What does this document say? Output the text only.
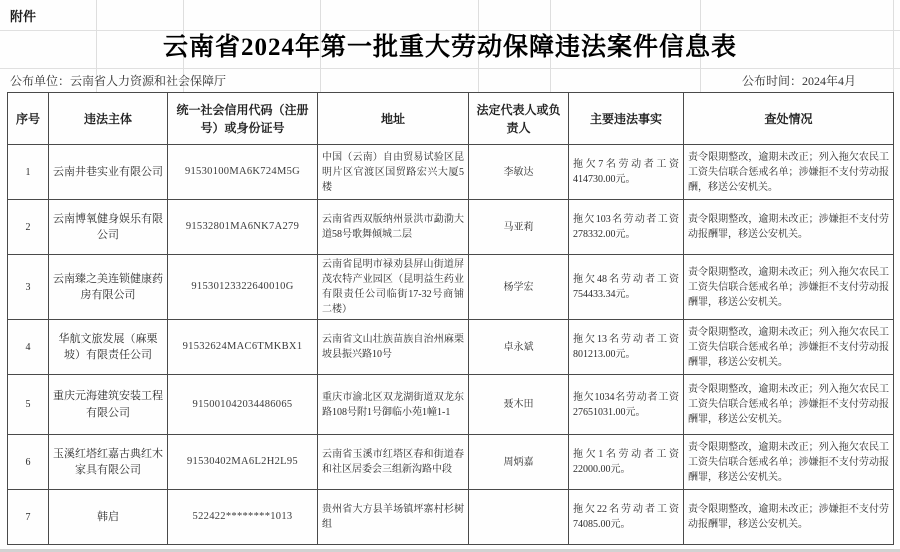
附件
云南省2024年第一批重大劳动保障违法案件信息表
公布单位：云南省人力资源和社会保障厅	公布时间：2024年4月
序号	违法主体	统一社会信用代码（注册号）或身份证号	地址	法定代表人或负责人	主要违法事实	查处情况
1	云南井巷实业有限公司	91530100MA6K724M5G	中国（云南）自由贸易试验区昆明片区官渡区国贸路宏兴大厦5楼	李敏达	拖欠7名劳动者工资414730.00元。	责令限期整改，逾期未改正；列入拖欠农民工工资失信联合惩戒名单；涉嫌拒不支付劳动报酬，移送公安机关。
2	云南博氧健身娱乐有限公司	91532801MA6NK7A279	云南省西双版纳州景洪市勐泐大道58号歌舞倾城二层	马亚莉	拖欠103名劳动者工资278332.00元。	责令限期整改，逾期未改正；涉嫌拒不支付劳动报酬罪，移送公安机关。
3	云南臻之美连锁健康药房有限公司	91530123322640010G	云南省昆明市禄劝县屏山街道屏茂农特产业园区（昆明益生药业有限责任公司临街17-32号商铺二楼）	杨学宏	拖欠48名劳动者工资754433.34元。	责令限期整改，逾期未改正；列入拖欠农民工工资失信联合惩戒名单；涉嫌拒不支付劳动报酬罪，移送公安机关。
4	华航文旅发展（麻栗坡）有限责任公司	91532624MAC6TMKBX1	云南省文山壮族苗族自治州麻栗坡县振兴路10号	卓永斌	拖欠13名劳动者工资801213.00元。	责令限期整改，逾期未改正；列入拖欠农民工工资失信联合惩戒名单；涉嫌拒不支付劳动报酬罪，移送公安机关。
5	重庆元海建筑安装工程有限公司	915001042034486065	重庆市渝北区双龙湖街道双龙东路108号附1号御临小苑1幢1-1	聂木田	拖欠1034名劳动者工资27651031.00元。	责令限期整改，逾期未改正；列入拖欠农民工工资失信联合惩戒名单；涉嫌拒不支付劳动报酬罪，移送公安机关。
6	玉溪红塔红嘉古典红木家具有限公司	91530402MA6L2H2L95	云南省玉溪市红塔区春和街道春和社区居委会三组新沟路中段	周炳嘉	拖欠1名劳动者工资22000.00元。	责令限期整改，逾期未改正；列入拖欠农民工工资失信联合惩戒名单；涉嫌拒不支付劳动报酬罪，移送公安机关。
7	韩启	522422********1013	贵州省大方县羊场镇坪寨村杉树组		拖欠22名劳动者工资74085.00元。	责令限期整改，逾期未改正；涉嫌拒不支付劳动报酬罪，移送公安机关。
